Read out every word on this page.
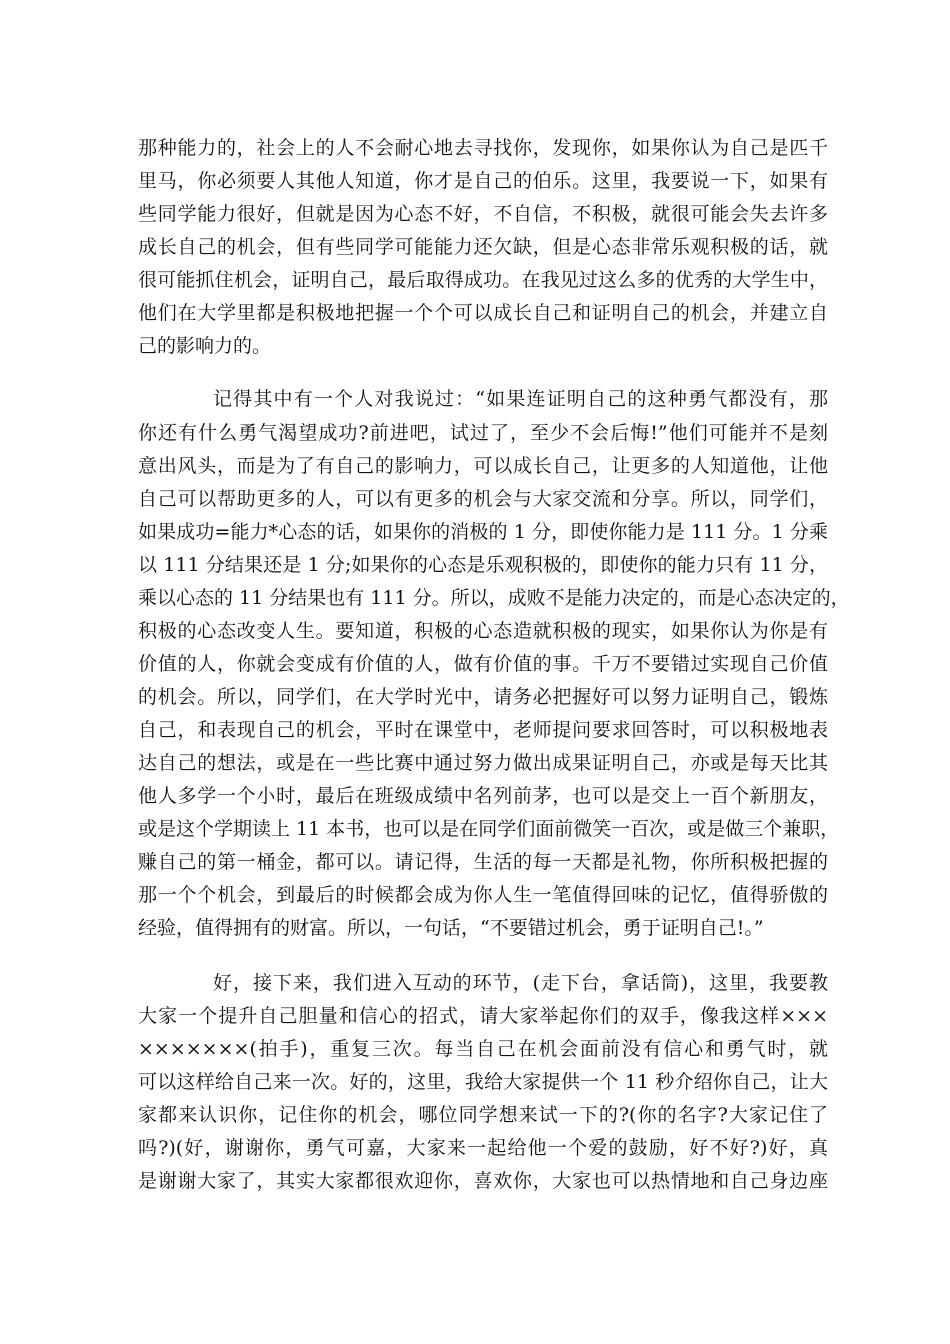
那种能力的，社会上的人不会耐心地去寻找你，发现你，如果你认为自己是匹千
里马，你必须要人其他人知道，你才是自己的伯乐。这里，我要说一下，如果有
些同学能力很好，但就是因为心态不好，不自信，不积极，就很可能会失去许多
成长自己的机会，但有些同学可能能力还欠缺，但是心态非常乐观积极的话，就
很可能抓住机会，证明自己，最后取得成功。在我见过这么多的优秀的大学生中，
他们在大学里都是积极地把握一个个可以成长自己和证明自己的机会，并建立自
己的影响力的。
记得其中有一个人对我说过：“如果连证明自己的这种勇气都没有，那
你还有什么勇气渴望成功?前进吧，试过了，至少不会后悔!”他们可能并不是刻
意出风头，而是为了有自己的影响力，可以成长自己，让更多的人知道他，让他
自己可以帮助更多的人，可以有更多的机会与大家交流和分享。所以，同学们，
如果成功=能力*心态的话，如果你的消极的 1 分，即使你能力是 111 分。1 分乘
以 111 分结果还是 1 分;如果你的心态是乐观积极的，即使你的能力只有 11 分，
乘以心态的 11 分结果也有 111 分。所以，成败不是能力决定的，而是心态决定的，
积极的心态改变人生。要知道，积极的心态造就积极的现实，如果你认为你是有
价值的人，你就会变成有价值的人，做有价值的事。千万不要错过实现自己价值
的机会。所以，同学们，在大学时光中，请务必把握好可以努力证明自己，锻炼
自己，和表现自己的机会，平时在课堂中，老师提问要求回答时，可以积极地表
达自己的想法，或是在一些比赛中通过努力做出成果证明自己，亦或是每天比其
他人多学一个小时，最后在班级成绩中名列前茅，也可以是交上一百个新朋友，
或是这个学期读上 11 本书，也可以是在同学们面前微笑一百次，或是做三个兼职，
赚自己的第一桶金，都可以。请记得，生活的每一天都是礼物，你所积极把握的
那一个个机会，到最后的时候都会成为你人生一笔值得回味的记忆，值得骄傲的
经验，值得拥有的财富。所以，一句话，“不要错过机会，勇于证明自己!。”
好，接下来，我们进入互动的环节，(走下台，拿话筒)，这里，我要教
大家一个提升自己胆量和信心的招式，请大家举起你们的双手，像我这样×××
×××××××(拍手)，重复三次。每当自己在机会面前没有信心和勇气时，就
可以这样给自己来一次。好的，这里，我给大家提供一个 11 秒介绍你自己，让大
家都来认识你，记住你的机会，哪位同学想来试一下的?(你的名字?大家记住了
吗?)(好，谢谢你，勇气可嘉，大家来一起给他一个爱的鼓励，好不好?)好，真
是谢谢大家了，其实大家都很欢迎你，喜欢你，大家也可以热情地和自己身边座
